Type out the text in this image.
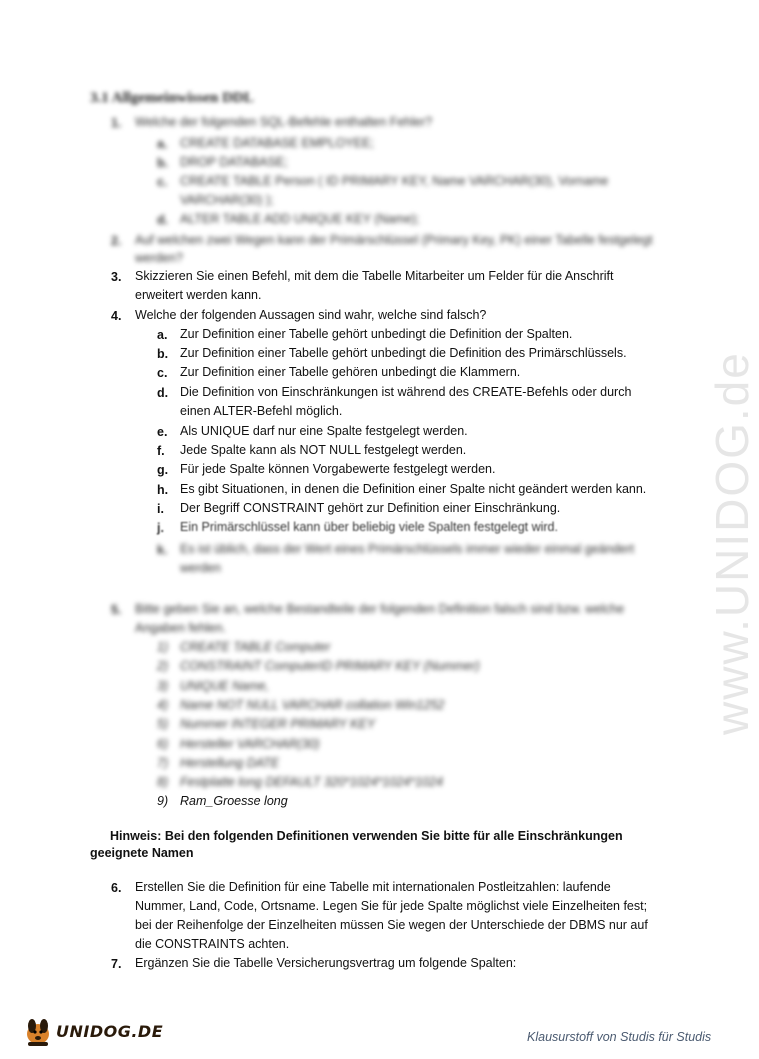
www.UNIDOG.de
3.1 Allgemeinwissen DDL
1. Welche der folgenden SQL-Befehle enthalten Fehler?
a. CREATE DATABASE EMPLOYEE;
b. DROP DATABASE;
c. CREATE TABLE Person ( ID PRIMARY KEY, Name VARCHAR(30), Vorname
VARCHAR(30) );
d. ALTER TABLE ADD UNIQUE KEY (Name);
2. Auf welchen zwei Wegen kann der Primärschlüssel (Primary Key, PK) einer Tabelle festgelegt
werden?
3. Skizzieren Sie einen Befehl, mit dem die Tabelle Mitarbeiter um Felder für die Anschrift
erweitert werden kann.
4. Welche der folgenden Aussagen sind wahr, welche sind falsch?
a. Zur Definition einer Tabelle gehört unbedingt die Definition der Spalten.
b. Zur Definition einer Tabelle gehört unbedingt die Definition des Primärschlüssels.
c. Zur Definition einer Tabelle gehören unbedingt die Klammern.
d. Die Definition von Einschränkungen ist während des CREATE-Befehls oder durch
einen ALTER-Befehl möglich.
e. Als UNIQUE darf nur eine Spalte festgelegt werden.
f. Jede Spalte kann als NOT NULL festgelegt werden.
g. Für jede Spalte können Vorgabewerte festgelegt werden.
h. Es gibt Situationen, in denen die Definition einer Spalte nicht geändert werden kann.
i. Der Begriff CONSTRAINT gehört zur Definition einer Einschränkung.
j. Ein Primärschlüssel kann über beliebig viele Spalten festgelegt wird.
k. Es ist üblich, dass der Wert eines Primärschlüssels immer wieder einmal geändert
werden
5. Bitte geben Sie an, welche Bestandteile der folgenden Definition falsch sind bzw. welche
Angaben fehlen.
1) CREATE TABLE Computer
2) CONSTRAINT ComputerID PRIMARY KEY (Nummer)
3) UNIQUE Name,
4) Name NOT NULL VARCHAR collation Win1252
5) Nummer INTEGER PRIMARY KEY
6) Hersteller VARCHAR(30)
7) Herstellung DATE
8) Festplatte long DEFAULT 320*1024*1024*1024
9) Ram_Groesse long
Hinweis: Bei den folgenden Definitionen verwenden Sie bitte für alle Einschränkungen
geeignete Namen
6. Erstellen Sie die Definition für eine Tabelle mit internationalen Postleitzahlen: laufende
Nummer, Land, Code, Ortsname. Legen Sie für jede Spalte möglichst viele Einzelheiten fest;
bei der Reihenfolge der Einzelheiten müssen Sie wegen der Unterschiede der DBMS nur auf
die CONSTRAINTS achten.
7. Ergänzen Sie die Tabelle Versicherungsvertrag um folgende Spalten:
UNIDOG.DE	Klausurstoff von Studis für Studis
